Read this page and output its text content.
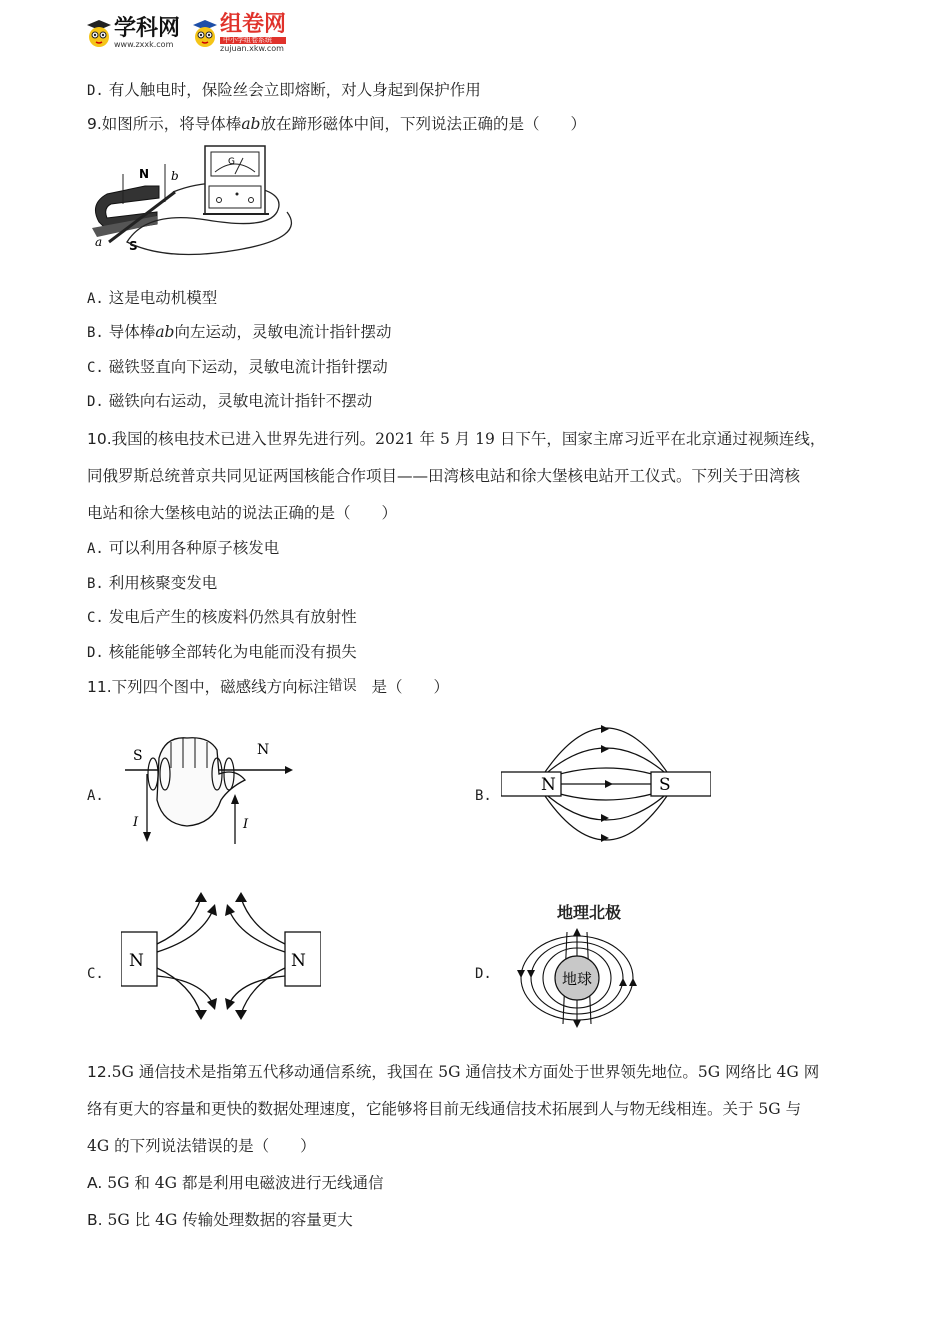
学科网
www.zxxk.com
组卷网
中小学组卷系统
zujuan.xkw.com
D. 有人触电时，保险丝会立即熔断，对人身起到保护作用
9.如图所示，将导体棒ab放在蹄形磁体中间，下列说法正确的是（　　）
N b
a S
G
A. 这是电动机模型
B. 导体棒ab向左运动，灵敏电流计指针摆动
C. 磁铁竖直向下运动，灵敏电流计指针摆动
D. 磁铁向右运动，灵敏电流计指针不摆动
10.我国的核电技术已进入世界先进行列。2021 年 5 月 19 日下午，国家主席习近平在北京通过视频连线，
同俄罗斯总统普京共同见证两国核能合作项目——田湾核电站和徐大堡核电站开工仪式。下列关于田湾核
电站和徐大堡核电站的说法正确的是（　　）
A. 可以利用各种原子核发电
B. 利用核聚变发电
C. 发电后产生的核废料仍然具有放射性
D. 核能能够全部转化为电能而没有损失
11.下列四个图中，磁感线方向标注错误 是（　　）
A.
S	N
I	I
B.
N	S
C.
N	N
D.
地理北极
地球
12.5G 通信技术是指第五代移动通信系统，我国在 5G 通信技术方面处于世界领先地位。5G 网络比 4G 网
络有更大的容量和更快的数据处理速度，它能够将目前无线通信技术拓展到人与物无线相连。关于 5G 与
4G 的下列说法错误的是（　　）
A. 5G 和 4G 都是利用电磁波进行无线通信
B. 5G 比 4G 传输处理数据的容量更大
